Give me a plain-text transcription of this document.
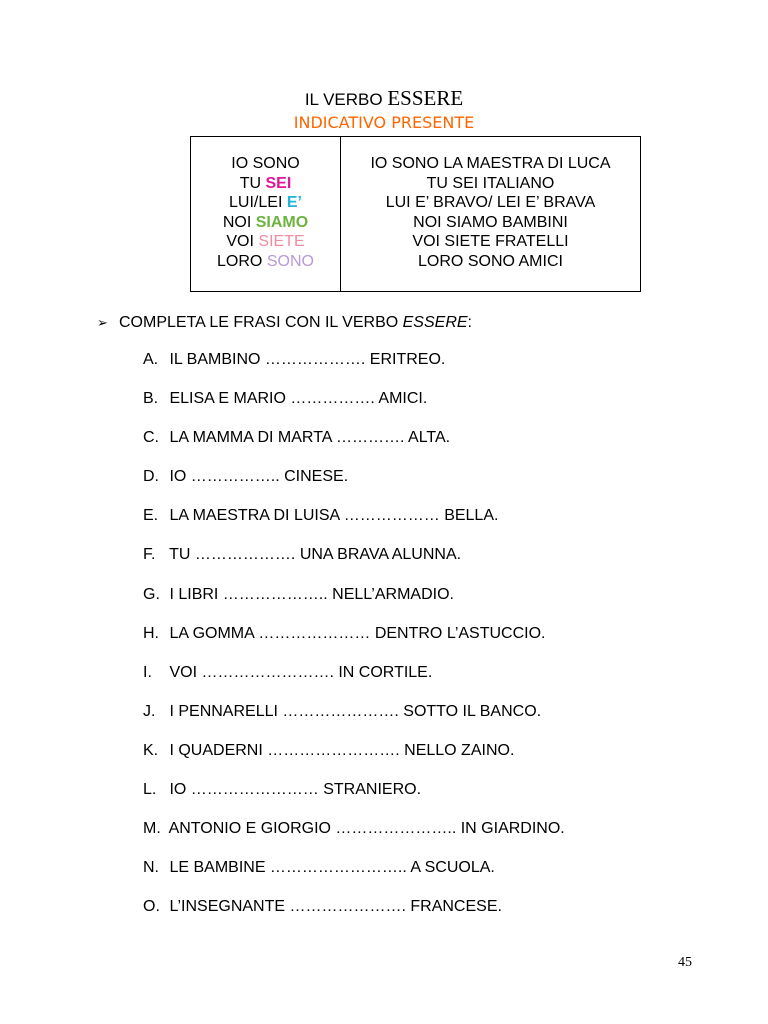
IL VERBO ESSERE
INDICATIVO PRESENTE
IO SONO
TU SEI
LUI/LEI E’
NOI SIAMO
VOI SIETE
LORO SONO
IO SONO LA MAESTRA DI LUCA
TU SEI ITALIANO
LUI E’ BRAVO/ LEI E’ BRAVA
NOI SIAMO BAMBINI
VOI SIETE FRATELLI
LORO SONO AMICI
➢ COMPLETA LE FRASI CON IL VERBO ESSERE:
A. IL BAMBINO ………………. ERITREO.
B. ELISA E MARIO ……………. AMICI.
C. LA MAMMA DI MARTA …………. ALTA.
D. IO …………….. CINESE.
E. LA MAESTRA DI LUISA ……………… BELLA.
F. TU ………………. UNA BRAVA ALUNNA.
G. I LIBRI ……………….. NELL’ARMADIO.
H. LA GOMMA ………………… DENTRO L’ASTUCCIO.
I. VOI ……………………. IN CORTILE.
J. I PENNARELLI …………………. SOTTO IL BANCO.
K. I QUADERNI ……………………. NELLO ZAINO.
L. IO …………………… STRANIERO.
M. ANTONIO E GIORGIO ………………….. IN GIARDINO.
N. LE BAMBINE …………………….. A SCUOLA.
O. L’INSEGNANTE …………………. FRANCESE.
45
